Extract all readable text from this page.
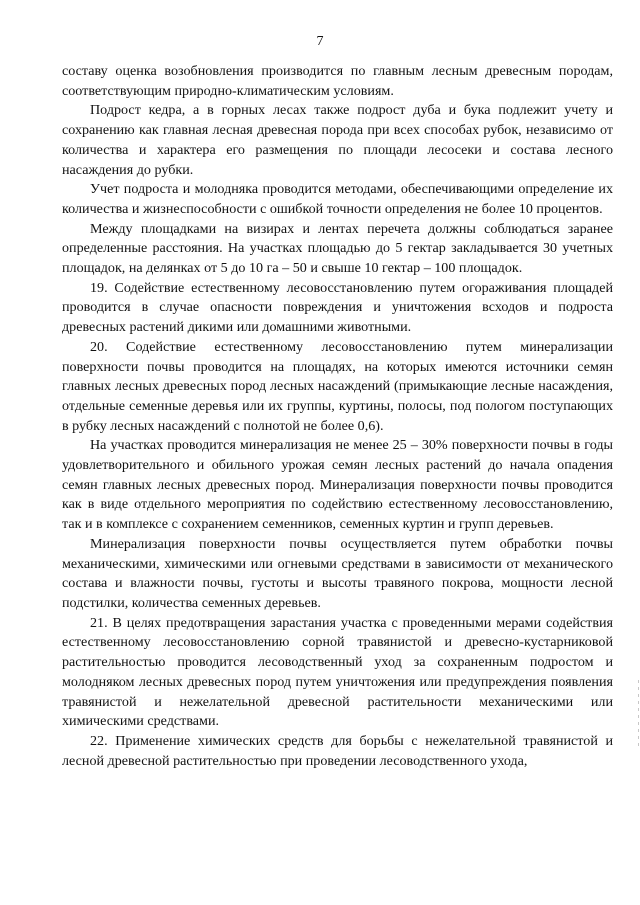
7

составу оценка возобновления производится по главным лесным древесным породам, соответствующим природно-климатическим условиям.

Подрост кедра, а в горных лесах также подрост дуба и бука подлежит учету и сохранению как главная лесная древесная порода при всех способах рубок, независимо от количества и характера его размещения по площади лесосеки и состава лесного насаждения до рубки.

Учет подроста и молодняка проводится методами, обеспечивающими определение их количества и жизнеспособности с ошибкой точности определения не более 10 процентов.

Между площадками на визирах и лентах перечета должны соблюдаться заранее определенные расстояния. На участках площадью до 5 гектар закладывается 30 учетных площадок, на делянках от 5 до 10 га – 50 и свыше 10 гектар – 100 площадок.

19. Содействие естественному лесовосстановлению путем огораживания площадей проводится в случае опасности повреждения и уничтожения всходов и подроста древесных растений дикими или домашними животными.

20. Содействие естественному лесовосстановлению путем минерализации поверхности почвы проводится на площадях, на которых имеются источники семян главных лесных древесных пород лесных насаждений (примыкающие лесные насаждения, отдельные семенные деревья или их группы, куртины, полосы, под пологом поступающих в рубку лесных насаждений с полнотой не более 0,6).

На участках проводится минерализация не менее 25 – 30% поверхности почвы в годы удовлетворительного и обильного урожая семян лесных растений до начала опадения семян главных лесных древесных пород. Минерализация поверхности почвы проводится как в виде отдельного мероприятия по содействию естественному лесовосстановлению, так и в комплексе с сохранением семенников, семенных куртин и групп деревьев.

Минерализация поверхности почвы осуществляется путем обработки почвы механическими, химическими или огневыми средствами в зависимости от механического состава и влажности почвы, густоты и высоты травяного покрова, мощности лесной подстилки, количества семенных деревьев.

21. В целях предотвращения зарастания участка с проведенными мерами содействия естественному лесовосстановлению сорной травянистой и древесно-кустарниковой растительностью проводится лесоводственный уход за сохраненным подростом и молодняком лесных древесных пород путем уничтожения или предупреждения появления травянистой и нежелательной древесной растительности механическими или химическими средствами.

22. Применение химических средств для борьбы с нежелательной травянистой и лесной древесной растительностью при проведении лесоводственного ухода,
